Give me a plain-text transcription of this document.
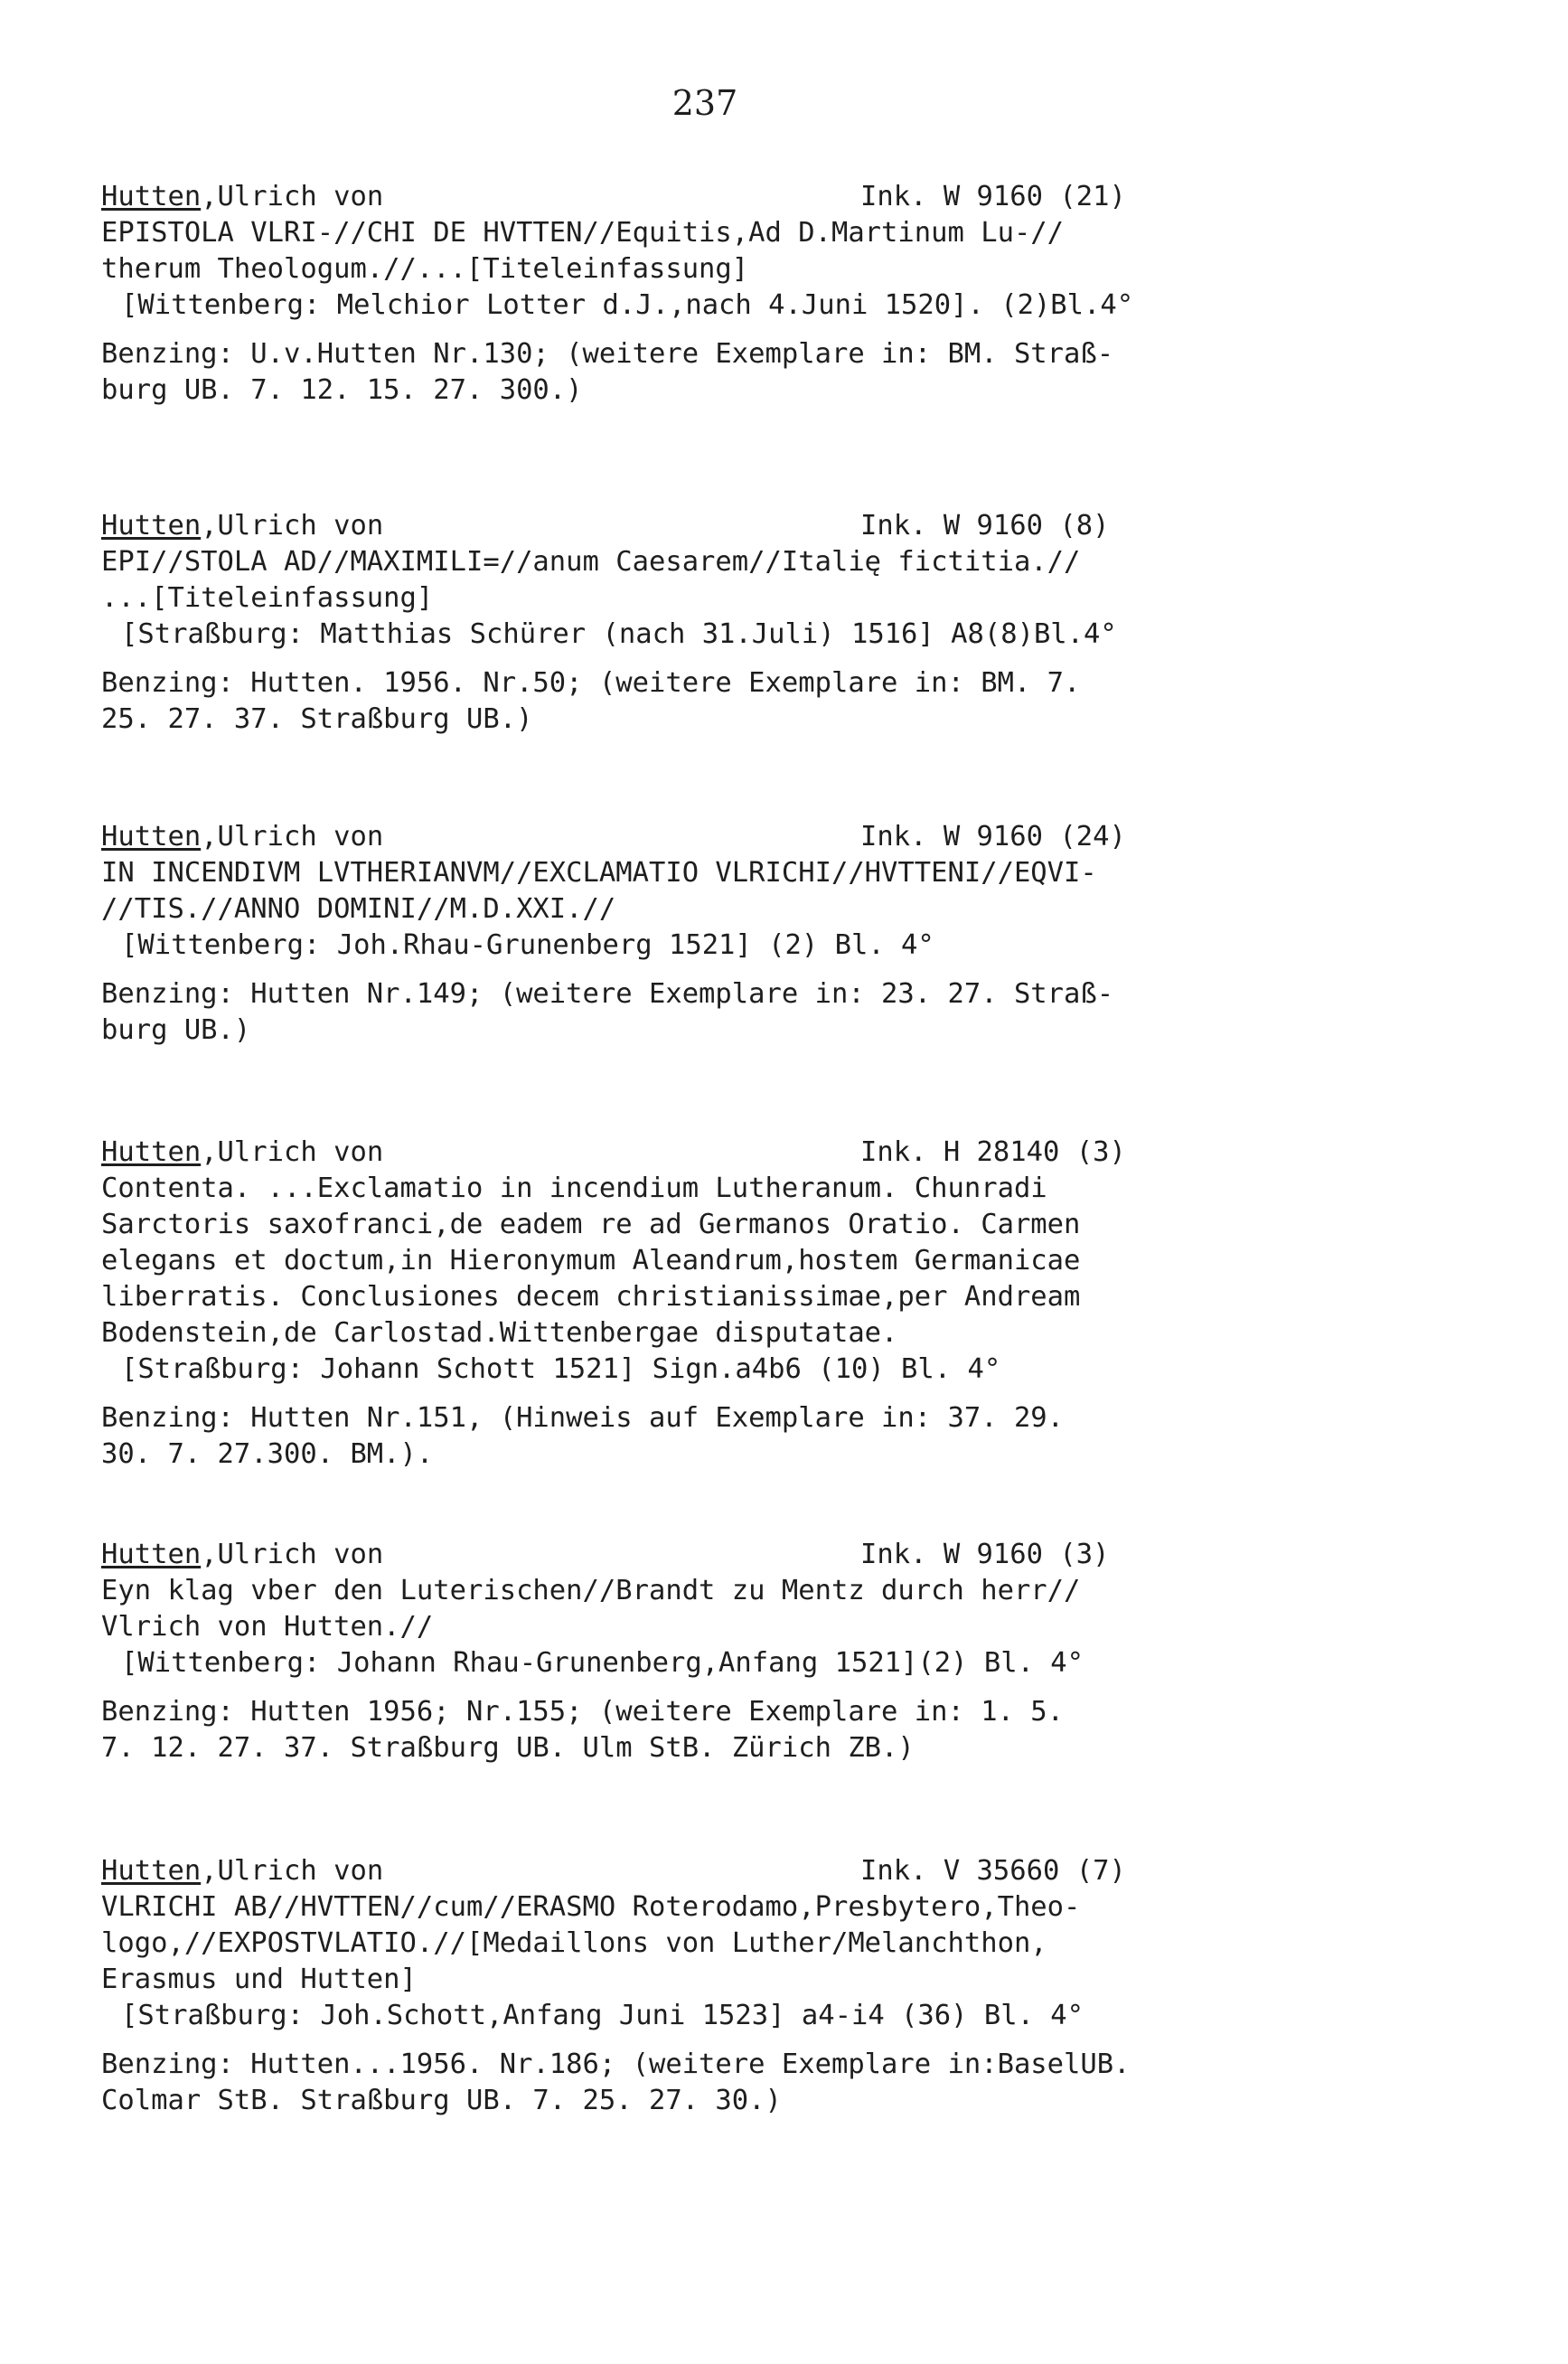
237
Hutten,Ulrich von	Ink. W 9160 (21)
EPISTOLA VLRI-//CHI DE HVTTEN//Equitis,Ad D.Martinum Lu-//
therum Theologum.//...[Titeleinfassung]
[Wittenberg: Melchior Lotter d.J.,nach 4.Juni 1520]. (2)Bl.4°
Benzing: U.v.Hutten Nr.130; (weitere Exemplare in: BM. Straß-
burg UB. 7. 12. 15. 27. 300.)
Hutten,Ulrich von	Ink. W 9160 (8)
EPI//STOLA AD//MAXIMILI=//anum Caesarem//Italię fictitia.//
...[Titeleinfassung]
[Straßburg: Matthias Schürer (nach 31.Juli) 1516] A8(8)Bl.4°
Benzing: Hutten. 1956. Nr.50; (weitere Exemplare in: BM. 7.
25. 27. 37. Straßburg UB.)
Hutten,Ulrich von	Ink. W 9160 (24)
IN INCENDIVM LVTHERIANVM//EXCLAMATIO VLRICHI//HVTTENI//EQVI-
//TIS.//ANNO DOMINI//M.D.XXI.//
[Wittenberg: Joh.Rhau-Grunenberg 1521] (2) Bl. 4°
Benzing: Hutten Nr.149; (weitere Exemplare in: 23. 27. Straß-
burg UB.)
Hutten,Ulrich von	Ink. H 28140 (3)
Contenta. ...Exclamatio in incendium Lutheranum. Chunradi
Sarctoris saxofranci,de eadem re ad Germanos Oratio. Carmen
elegans et doctum,in Hieronymum Aleandrum,hostem Germanicae
liberratis. Conclusiones decem christianissimae,per Andream
Bodenstein,de Carlostad.Wittenbergae disputatae.
[Straßburg: Johann Schott 1521] Sign.a4b6 (10) Bl. 4°
Benzing: Hutten Nr.151, (Hinweis auf Exemplare in: 37. 29.
30. 7. 27.300. BM.).
Hutten,Ulrich von	Ink. W 9160 (3)
Eyn klag vber den Luterischen//Brandt zu Mentz durch herr//
Vlrich von Hutten.//
[Wittenberg: Johann Rhau-Grunenberg,Anfang 1521](2) Bl. 4°
Benzing: Hutten 1956; Nr.155; (weitere Exemplare in: 1. 5.
7. 12. 27. 37. Straßburg UB. Ulm StB. Zürich ZB.)
Hutten,Ulrich von	Ink. V 35660 (7)
VLRICHI AB//HVTTEN//cum//ERASMO Roterodamo,Presbytero,Theo-
logo,//EXPOSTVLATIO.//[Medaillons von Luther/Melanchthon,
Erasmus und Hutten]
[Straßburg: Joh.Schott,Anfang Juni 1523] a4-i4 (36) Bl. 4°
Benzing: Hutten...1956. Nr.186; (weitere Exemplare in:BaselUB.
Colmar StB. Straßburg UB. 7. 25. 27. 30.)
